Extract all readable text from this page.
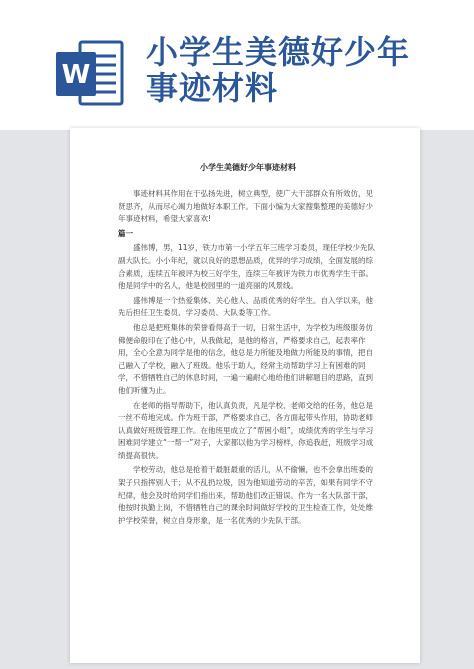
W
小学生美德好少年
事迹材料
小学生美德好少年事迹材料

事迹材料其作用在于弘扬先进，树立典型，使广大干部群众有所效仿，见贤思齐，从而尽心竭力地做好本职工作。下面小编为大家搜集整理的美德好少年事迹材料，希望大家喜欢!

篇一

盛伟博，男，11岁，铁力市第一小学五年三班学习委员，现任学校少先队副大队长。小小年纪，就以良好的思想品质，优异的学习成绩，全面发展的综合素质，连续五年被评为校三好学生，连续三年被评为铁力市优秀学生干部。他是同学中的名人，他是校园里的一道亮丽的风景线。

盛伟博是一个热爱集体、关心他人、品质优秀的好学生。自入学以来，他先后担任卫生委员、学习委员、大队委等工作。

他总是把班集体的荣誉看得高于一切，日常生活中，为学校为班级服务仿佛便命般印在了他心中，从我做起，是他的格言，严格要求自己，起表率作用，全心全意为同学是他的信念，他总是力所能及地做力所能及的事情，把自己融入了学校，融入了班级。他乐于助人，经常主动帮助学习上有困难的同学，不惜牺牲自己的休息时间，一遍一遍耐心地给他们讲解题目的思路，直到他们听懂为止。

在老师的指导帮助下，他认真负责，凡是学校、老师交给的任务，他总是一丝不苟地完成。作为班干部，严格要求自己，各方面起带头作用，协助老师认真做好班级管理工作。在他班里成立了“帮困小组”，成绩优秀的学生与学习困难同学建立“一帮一”对子，大家都以他为学习榜样，你追我赶，班级学习成绩提高很快。

学校劳动，他总是抢着干最脏最重的活儿，从不偷懒，也不会拿出班委的架子只指挥别人干；从不乱扔垃圾，因为他知道劳动的辛苦，如果有同学不守纪律，他会及时给同学们指出来，帮助他们改正错误。作为一名大队部干部，他按时执勤上岗，不惜牺牲自己的课余时间做好学校的卫生检查工作，处处维护学校荣誉，树立自身形象，是一名优秀的少先队干部。
